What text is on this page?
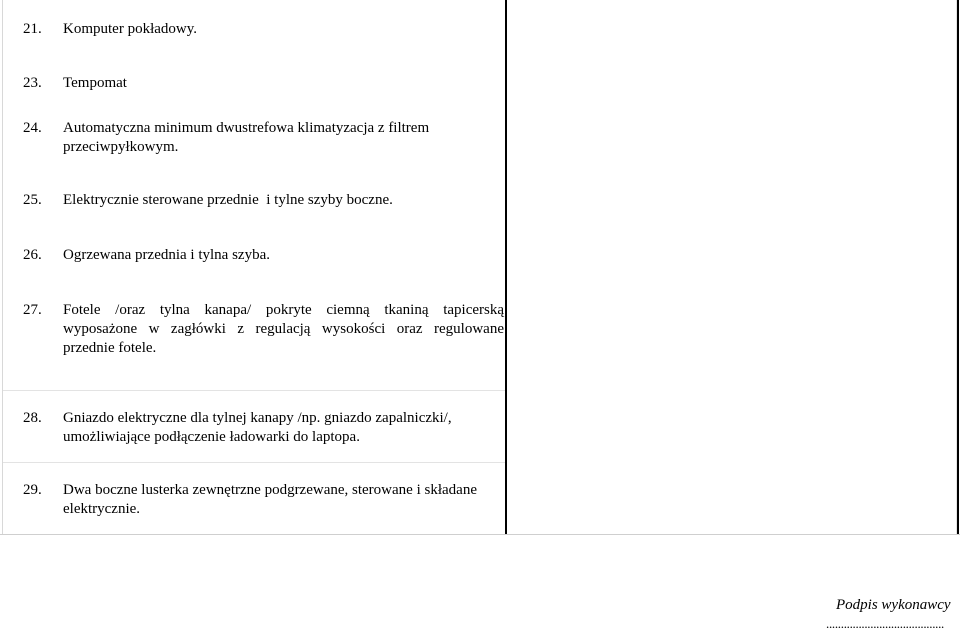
21. Komputer pokładowy.
23. Tempomat
24. Automatyczna minimum dwustrefowa klimatyzacja z filtrem przeciwpyłkowym.
25. Elektrycznie sterowane przednie  i tylne szyby boczne.
26. Ogrzewana przednia i tylna szyba.
27. Fotele /oraz tylna kanapa/ pokryte ciemną tkaniną tapicerską wyposażone w zagłówki z regulacją wysokości oraz regulowane przednie fotele.
28. Gniazdo elektryczne dla tylnej kanapy /np. gniazdo zapalniczki/, umożliwiające podłączenie ładowarki do laptopa.
29. Dwa boczne lusterka zewnętrzne podgrzewane, sterowane i składane elektrycznie.
Podpis wykonawcy
........................................
